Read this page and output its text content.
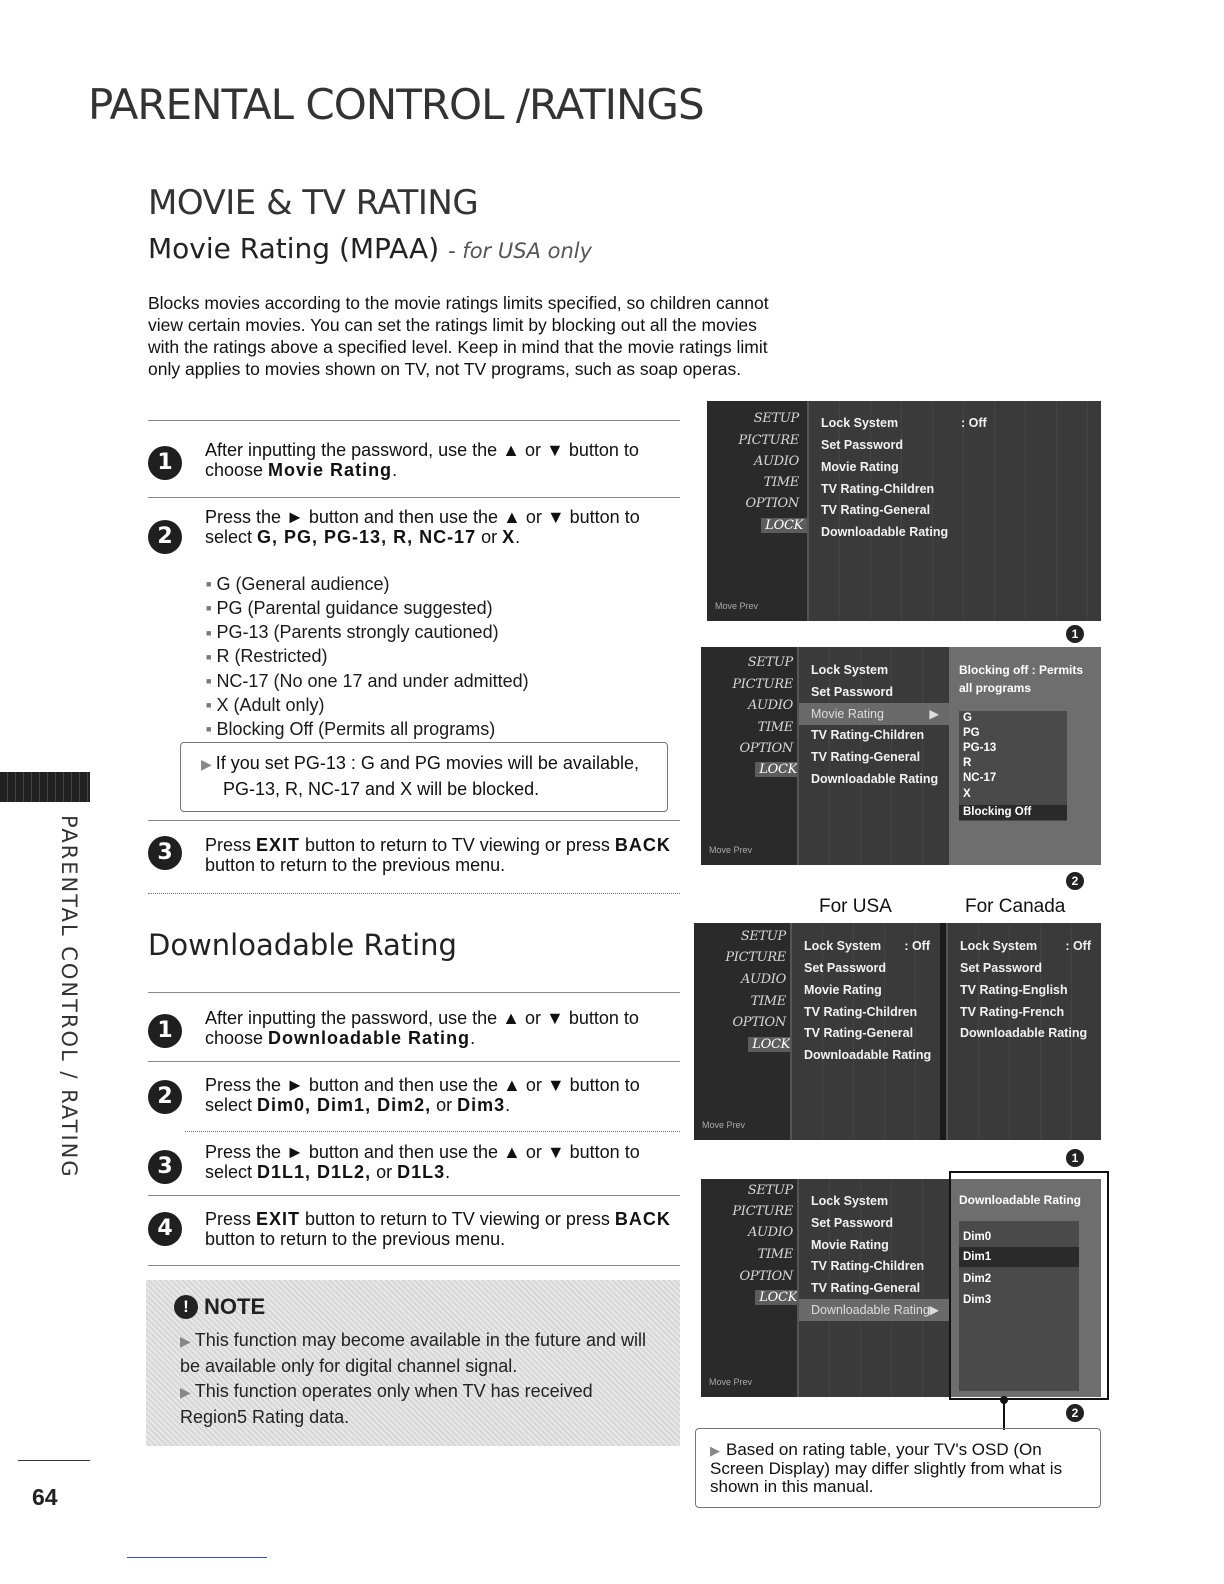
PARENTAL CONTROL /RATINGS
MOVIE & TV RATING
Movie Rating (MPAA) - for USA only
Blocks movies according to the movie ratings limits specified, so children cannot view certain movies. You can set the ratings limit by blocking out all the movies with the ratings above a specified level. Keep in mind that the movie ratings limit only applies to movies shown on TV, not TV programs, such as soap operas.
1	After inputting the password, use the ▲ or ▼ button to choose Movie Rating.
2
Press the ► button and then use the ▲ or ▼ button to select G, PG, PG-13, R, NC-17 or X.
■ G (General audience)
■ PG (Parental guidance suggested)
■ PG-13 (Parents strongly cautioned)
■ R (Restricted)
■ NC-17 (No one 17 and under admitted)
■ X (Adult only)
■ Blocking Off (Permits all programs)
▶ If you set PG-13 : G and PG movies will be available,
PG-13, R, NC-17 and X will be blocked.
3	Press EXIT button to return to TV viewing or press BACK button to return to the previous menu.
Downloadable Rating
1	After inputting the password, use the ▲ or ▼ button to choose Downloadable Rating.
2	Press the ► button and then use the ▲ or ▼ button to select Dim0, Dim1, Dim2, or Dim3.
3
Press the ► button and then use the ▲ or ▼ button to select D1L1, D1L2, or D1L3.
4	Press EXIT button to return to TV viewing or press BACK button to return to the previous menu.
! NOTE

▶ This function may become available in the future and will be available only for digital channel signal.

▶ This function operates only when TV has received Region5 Rating data.

PARENTAL CONTROL / RATING
64
SETUP
PICTURE
AUDIO
TIME
OPTION
LOCK
Move Prev
Lock System	: Off
Set Password
Movie Rating
TV Rating-Children
TV Rating-General
Downloadable Rating
1
SETUP
PICTURE
AUDIO
TIME
OPTION
LOCK
Move Prev
Lock System
Set Password
Movie Rating	▶
TV Rating-Children
TV Rating-General
Downloadable Rating
Blocking off : Permits all programs
G
PG
PG-13
R
NC-17
X
Blocking Off
2
For USA	For Canada
SETUP
PICTURE
AUDIO
TIME
OPTION
LOCK
Move Prev
Lock System : Off
Set Password
Movie Rating
TV Rating-Children
TV Rating-General
Downloadable Rating
Lock System : Off
Set Password
TV Rating-English
TV Rating-French
Downloadable Rating
1
SETUP
PICTURE
AUDIO
TIME
OPTION
LOCK
Move Prev
Lock System
Set Password
Movie Rating
TV Rating-Children
TV Rating-General
Downloadable Rating ▶
Downloadable Rating
Dim0
Dim1
Dim2
Dim3
2
▶ Based on rating table, your TV's OSD (On Screen Display) may differ slightly from what is shown in this manual.
